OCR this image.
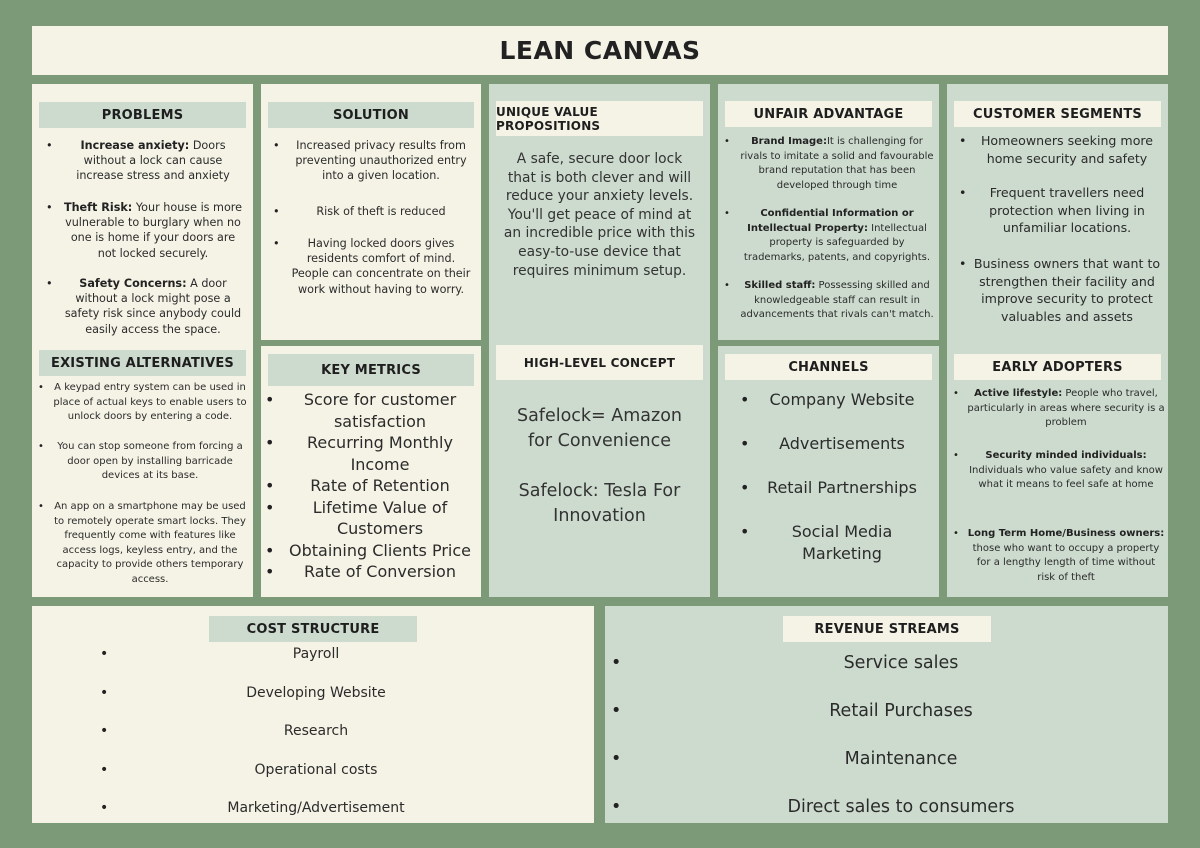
LEAN CANVAS
PROBLEMS
• Increase anxiety: Doors without a lock can cause increase stress and anxiety
• Theft Risk: Your house is more vulnerable to burglary when no one is home if your doors are not locked securely.
• Safety Concerns: A door without a lock might pose a safety risk since anybody could easily access the space.
EXISTING ALTERNATIVES
• A keypad entry system can be used in place of actual keys to enable users to unlock doors by entering a code.
• You can stop someone from forcing a door open by installing barricade devices at its base.
• An app on a smartphone may be used to remotely operate smart locks. They frequently come with features like access logs, keyless entry, and the capacity to provide others temporary access.
SOLUTION
• Increased privacy results from preventing unauthorized entry into a given location.
• Risk of theft is reduced
• Having locked doors gives residents comfort of mind. People can concentrate on their work without having to worry.
KEY METRICS
• Score for customer satisfaction
• Recurring Monthly Income
• Rate of Retention
• Lifetime Value of Customers
• Obtaining Clients Price
• Rate of Conversion
UNIQUE VALUE PROPOSITIONS
A safe, secure door lock that is both clever and will reduce your anxiety levels. You'll get peace of mind at an incredible price with this easy-to-use device that requires minimum setup.
HIGH-LEVEL CONCEPT
Safelock= Amazon for Convenience
Safelock: Tesla For Innovation
UNFAIR ADVANTAGE
• Brand Image:It is challenging for rivals to imitate a solid and favourable brand reputation that has been developed through time
• Confidential Information or Intellectual Property: Intellectual property is safeguarded by trademarks, patents, and copyrights.
• Skilled staff: Possessing skilled and knowledgeable staff can result in advancements that rivals can't match.
CHANNELS
• Company Website
• Advertisements
• Retail Partnerships
• Social Media Marketing
CUSTOMER SEGMENTS
• Homeowners seeking more home security and safety
• Frequent travellers need protection when living in unfamiliar locations.
• Business owners that want to strengthen their facility and improve security to protect valuables and assets
EARLY ADOPTERS
• Active lifestyle: People who travel, particularly in areas where security is a problem
• Security minded individuals: Individuals who value safety and know what it means to feel safe at home
• Long Term Home/Business owners: those who want to occupy a property for a lengthy length of time without risk of theft
COST STRUCTURE
• Payroll
• Developing Website
• Research
• Operational costs
• Marketing/Advertisement
REVENUE STREAMS
• Service sales
• Retail Purchases
• Maintenance
• Direct sales to consumers
